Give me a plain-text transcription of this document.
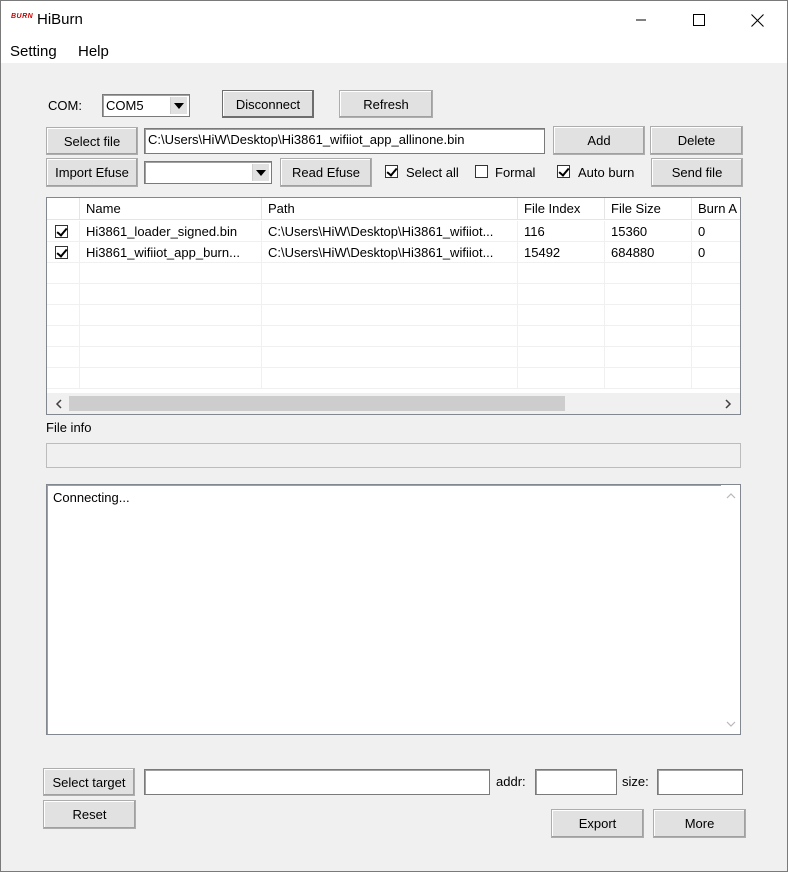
BURN HiBurn
Setting Help
COM: COM5	Disconnect	Refresh
Select file	C:\Users\HiW\Desktop\Hi3861_wifiiot_app_allinone.bin	Add	Delete
Import Efuse	Read Efuse	Select all	Formal	Auto burn	Send file
Name	Path	File Index	File Size	Burn A
Hi3861_loader_signed.bin	C:\Users\HiW\Desktop\Hi3861_wifiiot...	116	15360	0
Hi3861_wifiiot_app_burn...	C:\Users\HiW\Desktop\Hi3861_wifiiot...	15492	684880	0
File info
Connecting...
Select target	addr:	size:
Reset
Export	More
